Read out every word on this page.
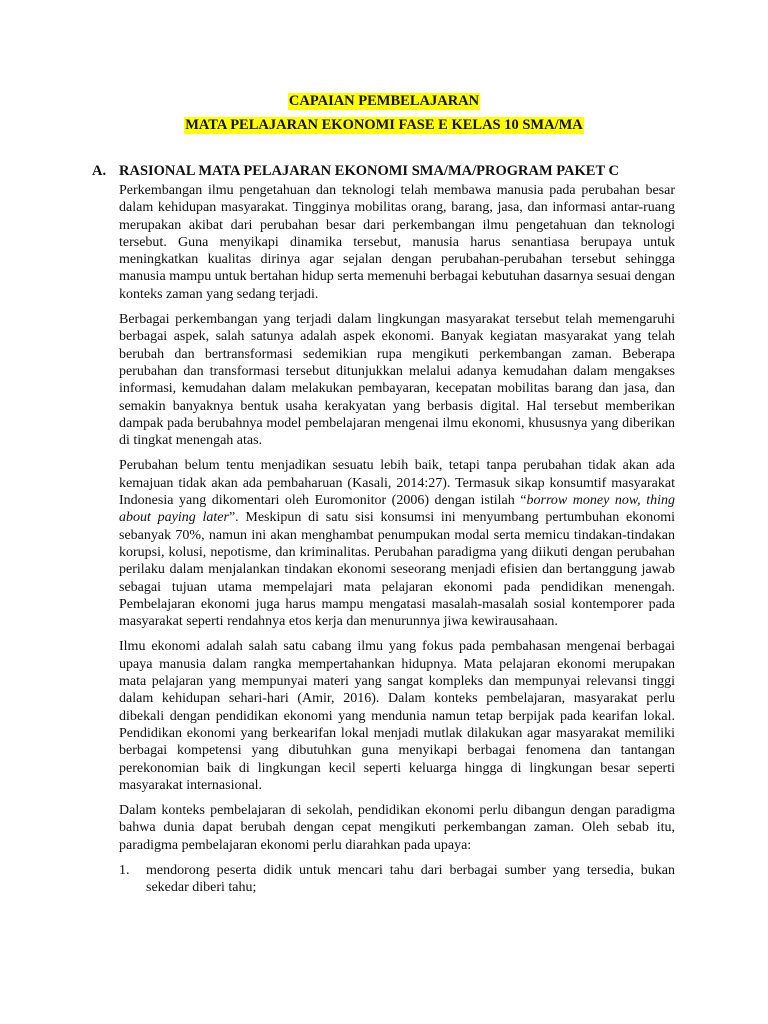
CAPAIAN PEMBELAJARAN
MATA PELAJARAN EKONOMI FASE E KELAS 10 SMA/MA
A. RASIONAL MATA PELAJARAN EKONOMI SMA/MA/PROGRAM PAKET C

Perkembangan ilmu pengetahuan dan teknologi telah membawa manusia pada perubahan besar dalam kehidupan masyarakat. Tingginya mobilitas orang, barang, jasa, dan informasi antar-ruang merupakan akibat dari perubahan besar dari perkembangan ilmu pengetahuan dan teknologi tersebut. Guna menyikapi dinamika tersebut, manusia harus senantiasa berupaya untuk meningkatkan kualitas dirinya agar sejalan dengan perubahan-perubahan tersebut sehingga manusia mampu untuk bertahan hidup serta memenuhi berbagai kebutuhan dasarnya sesuai dengan konteks zaman yang sedang terjadi.

Berbagai perkembangan yang terjadi dalam lingkungan masyarakat tersebut telah memengaruhi berbagai aspek, salah satunya adalah aspek ekonomi. Banyak kegiatan masyarakat yang telah berubah dan bertransformasi sedemikian rupa mengikuti perkembangan zaman. Beberapa perubahan dan transformasi tersebut ditunjukkan melalui adanya kemudahan dalam mengakses informasi, kemudahan dalam melakukan pembayaran, kecepatan mobilitas barang dan jasa, dan semakin banyaknya bentuk usaha kerakyatan yang berbasis digital. Hal tersebut memberikan dampak pada berubahnya model pembelajaran mengenai ilmu ekonomi, khususnya yang diberikan di tingkat menengah atas.

Perubahan belum tentu menjadikan sesuatu lebih baik, tetapi tanpa perubahan tidak akan ada kemajuan tidak akan ada pembaharuan (Kasali, 2014:27). Termasuk sikap konsumtif masyarakat Indonesia yang dikomentari oleh Euromonitor (2006) dengan istilah “borrow money now, thing about paying later”. Meskipun di satu sisi konsumsi ini menyumbang pertumbuhan ekonomi sebanyak 70%, namun ini akan menghambat penumpukan modal serta memicu tindakan-tindakan korupsi, kolusi, nepotisme, dan kriminalitas. Perubahan paradigma yang diikuti dengan perubahan perilaku dalam menjalankan tindakan ekonomi seseorang menjadi efisien dan bertanggung jawab sebagai tujuan utama mempelajari mata pelajaran ekonomi pada pendidikan menengah. Pembelajaran ekonomi juga harus mampu mengatasi masalah-masalah sosial kontemporer pada masyarakat seperti rendahnya etos kerja dan menurunnya jiwa kewirausahaan.

Ilmu ekonomi adalah salah satu cabang ilmu yang fokus pada pembahasan mengenai berbagai upaya manusia dalam rangka mempertahankan hidupnya. Mata pelajaran ekonomi merupakan mata pelajaran yang mempunyai materi yang sangat kompleks dan mempunyai relevansi tinggi dalam kehidupan sehari-hari (Amir, 2016). Dalam konteks pembelajaran, masyarakat perlu dibekali dengan pendidikan ekonomi yang mendunia namun tetap berpijak pada kearifan lokal. Pendidikan ekonomi yang berkearifan lokal menjadi mutlak dilakukan agar masyarakat memiliki berbagai kompetensi yang dibutuhkan guna menyikapi berbagai fenomena dan tantangan perekonomian baik di lingkungan kecil seperti keluarga hingga di lingkungan besar seperti masyarakat internasional.

Dalam konteks pembelajaran di sekolah, pendidikan ekonomi perlu dibangun dengan paradigma bahwa dunia dapat berubah dengan cepat mengikuti perkembangan zaman. Oleh sebab itu, paradigma pembelajaran ekonomi perlu diarahkan pada upaya:

1. mendorong peserta didik untuk mencari tahu dari berbagai sumber yang tersedia, bukan sekedar diberi tahu;
